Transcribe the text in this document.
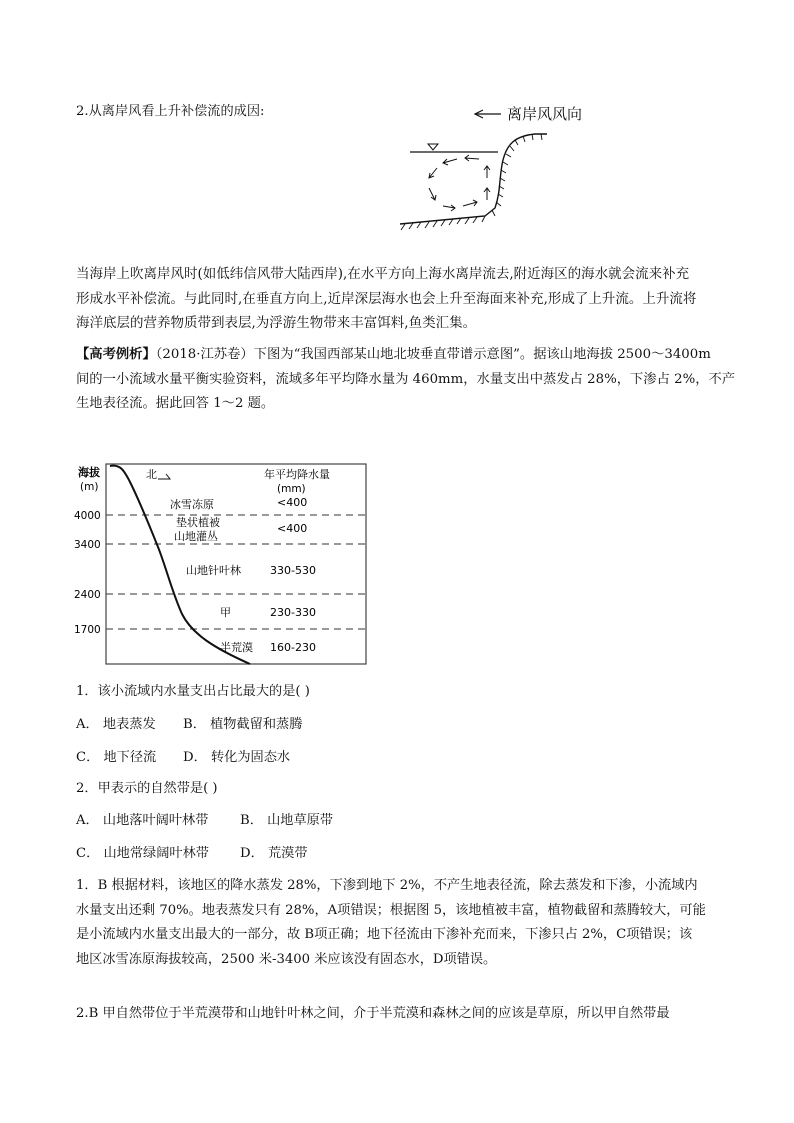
2.从离岸风看上升补偿流的成因:	离岸风风向
当海岸上吹离岸风时(如低纬信风带大陆西岸),在水平方向上海水离岸流去,附近海区的海水就会流来补充
形成水平补偿流。与此同时,在垂直方向上,近岸深层海水也会上升至海面来补充,形成了上升流。上升流将
海洋底层的营养物质带到表层,为浮游生物带来丰富饵料,鱼类汇集。
【高考例析】（2018·江苏卷）下图为“我国西部某山地北坡垂直带谱示意图”。据该山地海拔 2500～3400m
间的一小流域水量平衡实验资料，流域多年平均降水量为 460mm，水量支出中蒸发占 28%，下渗占 2%，不产
生地表径流。据此回答 1～2 题。
海拔
(m)
4000
3400
2400
1700
北	年平均降水量
(mm)
冰雪冻原	<400
垫状植被
山地灌丛
<400
山地针叶林	330-530
甲	230-330
半荒漠 160-230
1．该小流域内水量支出占比最大的是( )
A． 地表蒸发 B． 植物截留和蒸腾
C． 地下径流 D． 转化为固态水
2．甲表示的自然带是( )
A． 山地落叶阔叶林带 B． 山地草原带
C． 山地常绿阔叶林带 D． 荒漠带
1．B 根据材料，该地区的降水蒸发 28%，下渗到地下 2%，不产生地表径流，除去蒸发和下渗，小流域内
水量支出还剩 70%。地表蒸发只有 28%，A项错误；根据图 5，该地植被丰富，植物截留和蒸腾较大，可能
是小流域内水量支出最大的一部分，故 B项正确；地下径流由下渗补充而来，下渗只占 2%，C项错误；该
地区冰雪冻原海拔较高，2500 米-3400 米应该没有固态水，D项错误。
2.B 甲自然带位于半荒漠带和山地针叶林之间，介于半荒漠和森林之间的应该是草原，所以甲自然带最
